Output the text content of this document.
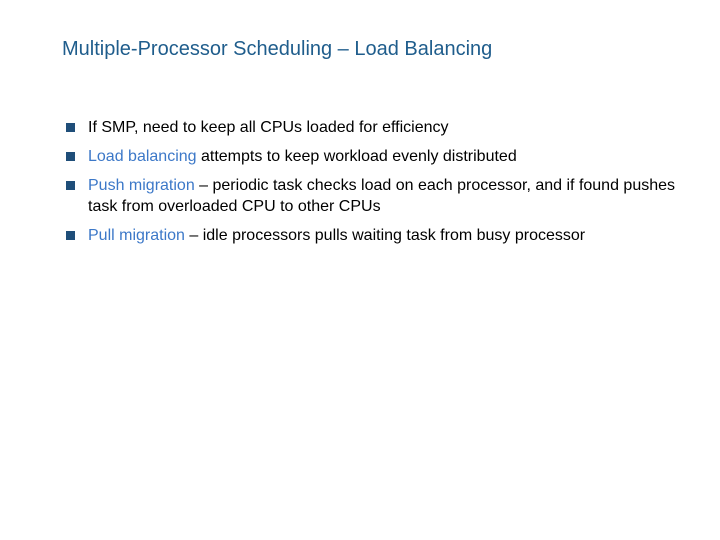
Multiple-Processor Scheduling – Load Balancing
If SMP, need to keep all CPUs loaded for efficiency
Load balancing attempts to keep workload evenly distributed
Push migration – periodic task checks load on each processor, and if found pushes task from overloaded CPU to other CPUs
Pull migration – idle processors pulls waiting task from busy processor
